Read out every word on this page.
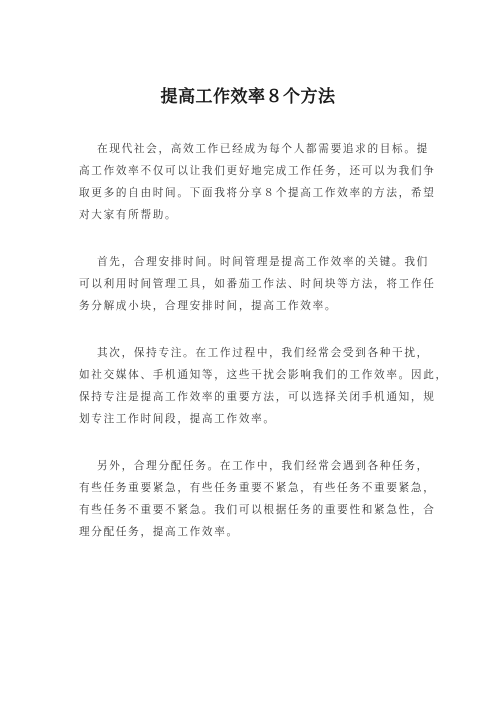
提高工作效率８个方法
在现代社会，高效工作已经成为每个人都需要追求的目标。提
高工作效率不仅可以让我们更好地完成工作任务，还可以为我们争
取更多的自由时间。下面我将分享８个提高工作效率的方法，希望
对大家有所帮助。
首先，合理安排时间。时间管理是提高工作效率的关键。我们
可以利用时间管理工具，如番茄工作法、时间块等方法，将工作任
务分解成小块，合理安排时间，提高工作效率。
其次，保持专注。在工作过程中，我们经常会受到各种干扰，
如社交媒体、手机通知等，这些干扰会影响我们的工作效率。因此，
保持专注是提高工作效率的重要方法，可以选择关闭手机通知，规
划专注工作时间段，提高工作效率。
另外，合理分配任务。在工作中，我们经常会遇到各种任务，
有些任务重要紧急，有些任务重要不紧急，有些任务不重要紧急，
有些任务不重要不紧急。我们可以根据任务的重要性和紧急性，合
理分配任务，提高工作效率。
